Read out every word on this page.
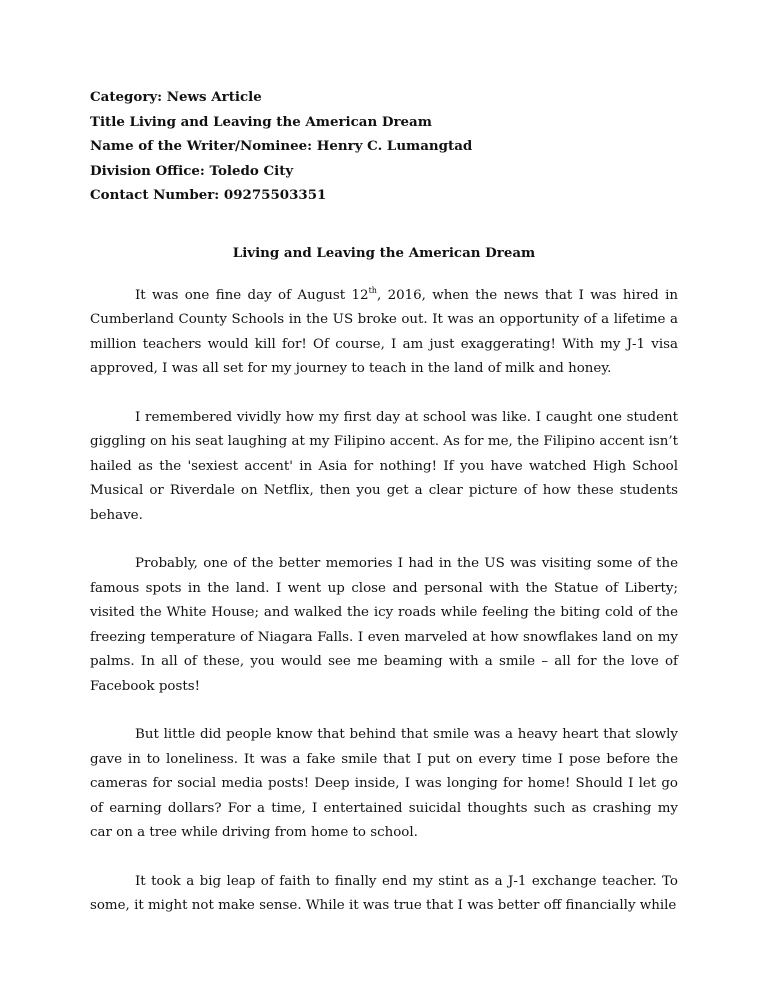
Category: News Article
Title Living and Leaving the American Dream
Name of the Writer/Nominee: Henry C. Lumangtad
Division Office: Toledo City
Contact Number: 09275503351
Living and Leaving the American Dream

It was one fine day of August 12th, 2016, when the news that I was hired in Cumberland County Schools in the US broke out. It was an opportunity of a lifetime a million teachers would kill for! Of course, I am just exaggerating! With my J-1 visa approved, I was all set for my journey to teach in the land of milk and honey.

I remembered vividly how my first day at school was like. I caught one student giggling on his seat laughing at my Filipino accent. As for me, the Filipino accent isn’t hailed as the 'sexiest accent' in Asia for nothing! If you have watched High School Musical or Riverdale on Netflix, then you get a clear picture of how these students behave.

Probably, one of the better memories I had in the US was visiting some of the famous spots in the land. I went up close and personal with the Statue of Liberty; visited the White House; and walked the icy roads while feeling the biting cold of the freezing temperature of Niagara Falls. I even marveled at how snowflakes land on my palms. In all of these, you would see me beaming with a smile – all for the love of Facebook posts!

But little did people know that behind that smile was a heavy heart that slowly gave in to loneliness. It was a fake smile that I put on every time I pose before the cameras for social media posts! Deep inside, I was longing for home! Should I let go of earning dollars? For a time, I entertained suicidal thoughts such as crashing my car on a tree while driving from home to school.

It took a big leap of faith to finally end my stint as a J-1 exchange teacher. To some, it might not make sense. While it was true that I was better off financially while
